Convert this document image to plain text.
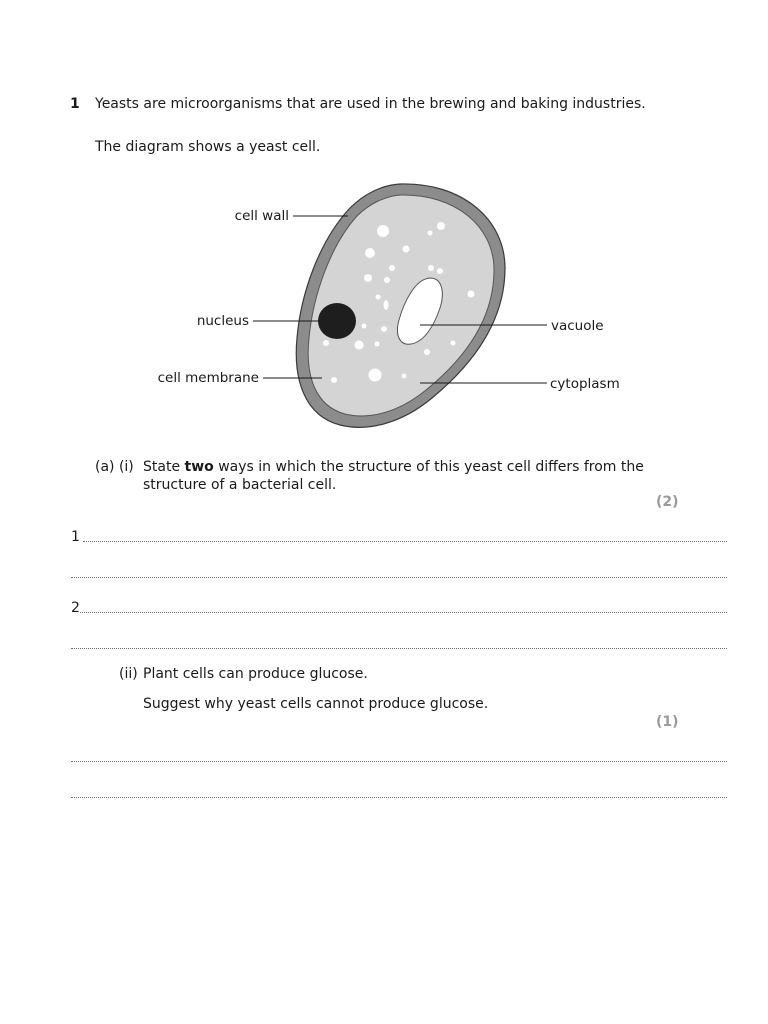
1 Yeasts are microorganisms that are used in the brewing and baking industries.
The diagram shows a yeast cell.
cell wall
nucleus
cell membrane
vacuole
cytoplasm
(a) (i) State two ways in which the structure of this yeast cell differs from the
structure of a bacterial cell.
(2)
1
2
(ii) Plant cells can produce glucose.
Suggest why yeast cells cannot produce glucose.
(1)
